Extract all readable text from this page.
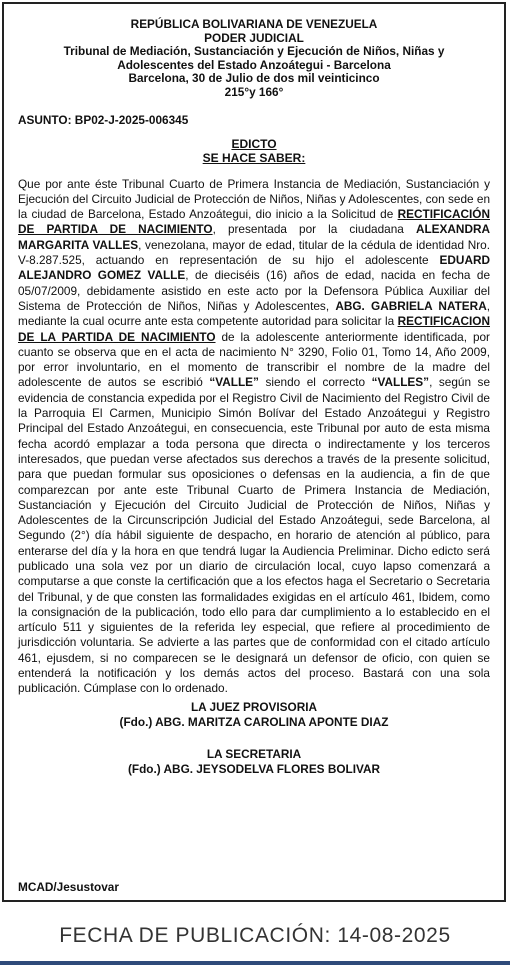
REPÚBLICA BOLIVARIANA DE VENEZUELA
PODER JUDICIAL
Tribunal de Mediación, Sustanciación y Ejecución de Niños, Niñas y
Adolescentes del Estado Anzoátegui - Barcelona
Barcelona, 30 de Julio de dos mil veinticinco
215°y 166°
ASUNTO: BP02-J-2025-006345
EDICTO
SE HACE SABER:
Que por ante éste Tribunal Cuarto de Primera Instancia de Mediación, Sustanciación y Ejecución del Circuito Judicial de Protección de Niños, Niñas y Adolescentes, con sede en la ciudad de Barcelona, Estado Anzoátegui, dio inicio a la Solicitud de RECTIFICACIÓN DE PARTIDA DE NACIMIENTO, presentada por la ciudadana ALEXANDRA MARGARITA VALLES, venezolana, mayor de edad, titular de la cédula de identidad Nro. V-8.287.525, actuando en representación de su hijo el adolescente EDUARD ALEJANDRO GOMEZ VALLE, de dieciséis (16) años de edad, nacida en fecha de 05/07/2009, debidamente asistido en este acto por la Defensora Pública Auxiliar del Sistema de Protección de Niños, Niñas y Adolescentes, ABG. GABRIELA NATERA, mediante la cual ocurre ante esta competente autoridad para solicitar la RECTIFICACION DE LA PARTIDA DE NACIMIENTO de la adolescente anteriormente identificada, por cuanto se observa que en el acta de nacimiento N° 3290, Folio 01, Tomo 14, Año 2009, por error involuntario, en el momento de transcribir el nombre de la madre del adolescente de autos se escribió “VALLE” siendo el correcto “VALLES”, según se evidencia de constancia expedida por el Registro Civil de Nacimiento del Registro Civil de la Parroquia El Carmen, Municipio Simón Bolívar del Estado Anzoátegui y Registro Principal del Estado Anzoátegui, en consecuencia, este Tribunal por auto de esta misma fecha acordó emplazar a toda persona que directa o indirectamente y los terceros interesados, que puedan verse afectados sus derechos a través de la presente solicitud, para que puedan formular sus oposiciones o defensas en la audiencia, a fin de que comparezcan por ante este Tribunal Cuarto de Primera Instancia de Mediación, Sustanciación y Ejecución del Circuito Judicial de Protección de Niños, Niñas y Adolescentes de la Circunscripción Judicial del Estado Anzoátegui, sede Barcelona, al Segundo (2°) día hábil siguiente de despacho, en horario de atención al público, para enterarse del día y la hora en que tendrá lugar la Audiencia Preliminar. Dicho edicto será publicado una sola vez por un diario de circulación local, cuyo lapso comenzará a computarse a que conste la certificación que a los efectos haga el Secretario o Secretaria del Tribunal, y de que consten las formalidades exigidas en el artículo 461, Ibidem, como la consignación de la publicación, todo ello para dar cumplimiento a lo establecido en el artículo 511 y siguientes de la referida ley especial, que refiere al procedimiento de jurisdicción voluntaria. Se advierte a las partes que de conformidad con el citado artículo 461, ejusdem, si no comparecen se le designará un defensor de oficio, con quien se entenderá la notificación y los demás actos del proceso. Bastará con una sola publicación. Cúmplase con lo ordenado.
LA JUEZ PROVISORIA
(Fdo.) ABG. MARITZA CAROLINA APONTE DIAZ
LA SECRETARIA
(Fdo.) ABG. JEYSODELVA FLORES BOLIVAR
MCAD/Jesustovar
FECHA DE PUBLICACIÓN: 14-08-2025
